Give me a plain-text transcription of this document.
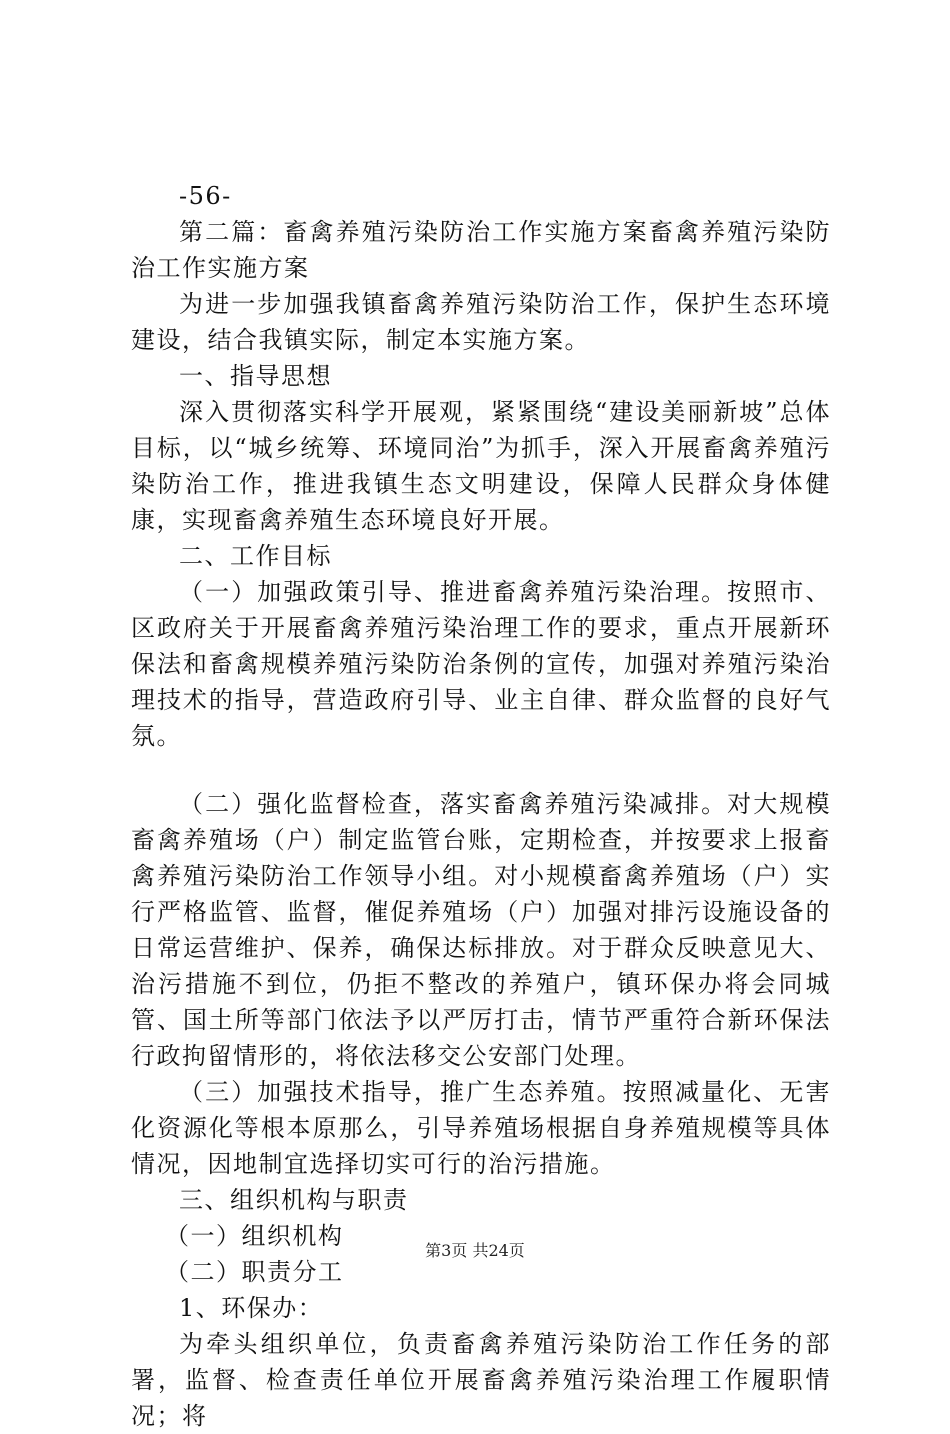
-56-
第二篇：畜禽养殖污染防治工作实施方案畜禽养殖污染防治工作实施方案
为进一步加强我镇畜禽养殖污染防治工作，保护生态环境建设，结合我镇实际，制定本实施方案。
一、指导思想
深入贯彻落实科学开展观，紧紧围绕“建设美丽新坡”总体目标，以“城乡统筹、环境同治”为抓手，深入开展畜禽养殖污染防治工作，推进我镇生态文明建设，保障人民群众身体健康，实现畜禽养殖生态环境良好开展。
二、工作目标
（一）加强政策引导、推进畜禽养殖污染治理。按照市、区政府关于开展畜禽养殖污染治理工作的要求，重点开展新环保法和畜禽规模养殖污染防治条例的宣传，加强对养殖污染治理技术的指导，营造政府引导、业主自律、群众监督的良好气氛。
（二）强化监督检查，落实畜禽养殖污染减排。对大规模畜禽养殖场（户）制定监管台账，定期检查，并按要求上报畜禽养殖污染防治工作领导小组。对小规模畜禽养殖场（户）实行严格监管、监督，催促养殖场（户）加强对排污设施设备的日常运营维护、保养，确保达标排放。对于群众反映意见大、治污措施不到位，仍拒不整改的养殖户，镇环保办将会同城管、国土所等部门依法予以严厉打击，情节严重符合新环保法行政拘留情形的，将依法移交公安部门处理。
（三）加强技术指导，推广生态养殖。按照减量化、无害化资源化等根本原那么，引导养殖场根据自身养殖规模等具体情况，因地制宜选择切实可行的治污措施。
三、组织机构与职责
（一）组织机构
（二）职责分工
1、环保办：
为牵头组织单位，负责畜禽养殖污染防治工作任务的部署，监督、检查责任单位开展畜禽养殖污染治理工作履职情况；将
第3页 共24页
